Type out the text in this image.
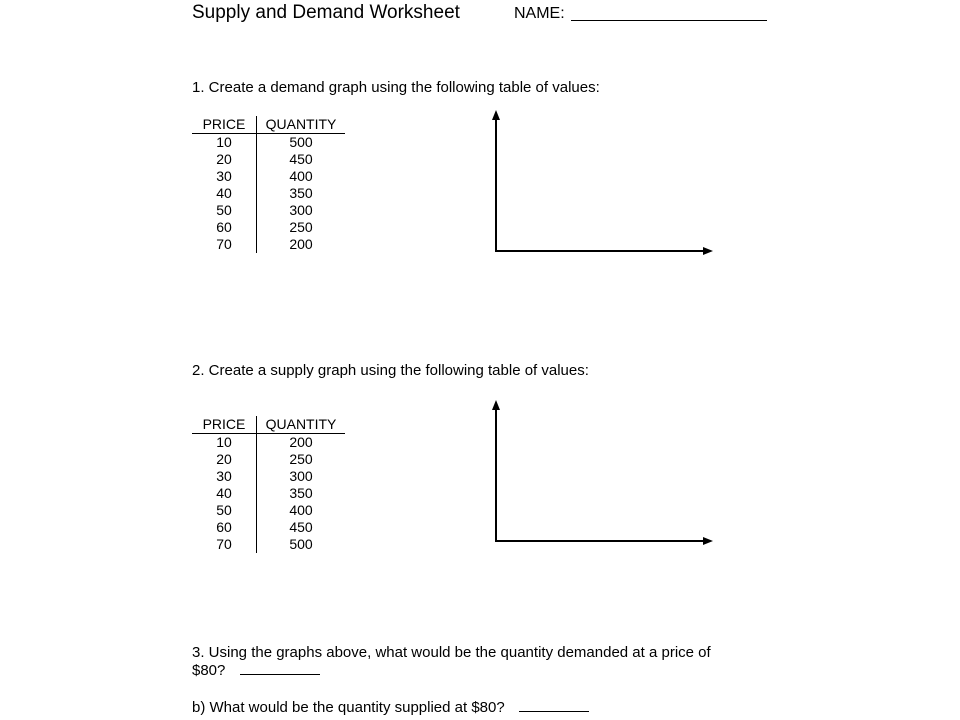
Supply and Demand Worksheet	NAME:
1. Create a demand graph using the following table of values:
PRICE	QUANTITY
10	500
20	450
30	400
40	350
50	300
60	250
70	200
2. Create a supply graph using the following table of values:
PRICE	QUANTITY
10	200
20	250
30	300
40	350
50	400
60	450
70	500
3. Using the graphs above, what would be the quantity demanded at a price of
$80?
b) What would be the quantity supplied at $80?
